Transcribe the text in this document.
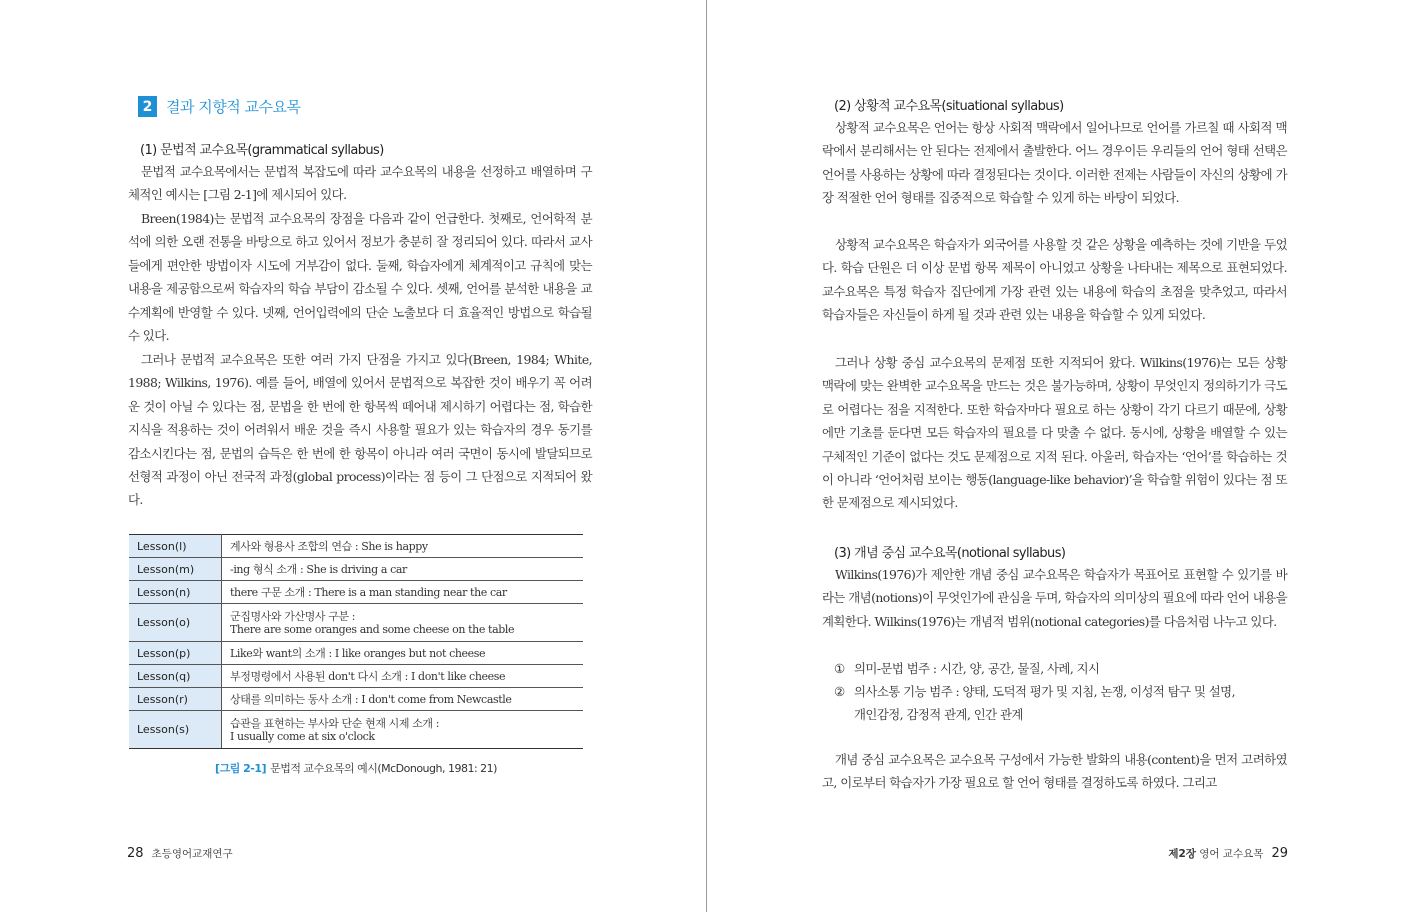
2 결과 지향적 교수요목
(1) 문법적 교수요목(grammatical syllabus)

문법적 교수요목에서는 문법적 복잡도에 따라 교수요목의 내용을 선정하고 배열하며 구체적인 예시는 [그림 2-1]에 제시되어 있다.

Breen(1984)는 문법적 교수요목의 장점을 다음과 같이 언급한다. 첫째로, 언어학적 분석에 의한 오랜 전통을 바탕으로 하고 있어서 정보가 충분히 잘 정리되어 있다. 따라서 교사들에게 편안한 방법이자 시도에 거부감이 없다. 둘째, 학습자에게 체계적이고 규칙에 맞는 내용을 제공함으로써 학습자의 학습 부담이 감소될 수 있다. 셋째, 언어를 분석한 내용을 교수계획에 반영할 수 있다. 넷째, 언어입력에의 단순 노출보다 더 효율적인 방법으로 학습될 수 있다.

그러나 문법적 교수요목은 또한 여러 가지 단점을 가지고 있다(Breen, 1984; White, 1988; Wilkins, 1976). 예를 들어, 배열에 있어서 문법적으로 복잡한 것이 배우기 꼭 어려운 것이 아닐 수 있다는 점, 문법을 한 번에 한 항목씩 떼어내 제시하기 어렵다는 점, 학습한 지식을 적용하는 것이 어려워서 배운 것을 즉시 사용할 필요가 있는 학습자의 경우 동기를 감소시킨다는 점, 문법의 습득은 한 번에 한 항목이 아니라 여러 국면이 동시에 발달되므로 선형적 과정이 아닌 전국적 과정(global process)이라는 점 등이 그 단점으로 지적되어 왔다.

Lesson(l)	계사와 형용사 조합의 연습 : She is happy
Lesson(m)	-ing 형식 소개 : She is driving a car
Lesson(n)	there 구문 소개 : There is a man standing near the car
Lesson(o)	군집명사와 가산명사 구분 :
There are some oranges and some cheese on the table

Lesson(p)	Like와 want의 소개 : I like oranges but not cheese
Lesson(q)	부정명령에서 사용된 don't 다시 소개 : I don't like cheese
Lesson(r)	상태를 의미하는 동사 소개 : I don't come from Newcastle
Lesson(s)	습관을 표현하는 부사와 단순 현재 시제 소개 :
I usually come at six o'clock
[그림 2-1] 문법적 교수요목의 예시(McDonough, 1981: 21)
28 초등영어교재연구
(2) 상황적 교수요목(situational syllabus)

상황적 교수요목은 언어는 항상 사회적 맥락에서 일어나므로 언어를 가르칠 때 사회적 맥락에서 분리해서는 안 된다는 전제에서 출발한다. 어느 경우이든 우리들의 언어 형태 선택은 언어를 사용하는 상황에 따라 결정된다는 것이다. 이러한 전제는 사람들이 자신의 상황에 가장 적절한 언어 형태를 집중적으로 학습할 수 있게 하는 바탕이 되었다.

상황적 교수요목은 학습자가 외국어를 사용할 것 같은 상황을 예측하는 것에 기반을 두었다. 학습 단원은 더 이상 문법 항목 제목이 아니었고 상황을 나타내는 제목으로 표현되었다. 교수요목은 특정 학습자 집단에게 가장 관련 있는 내용에 학습의 초점을 맞추었고, 따라서 학습자들은 자신들이 하게 될 것과 관련 있는 내용을 학습할 수 있게 되었다.

그러나 상황 중심 교수요목의 문제점 또한 지적되어 왔다. Wilkins(1976)는 모든 상황 맥락에 맞는 완벽한 교수요목을 만드는 것은 불가능하며, 상황이 무엇인지 정의하기가 극도로 어렵다는 점을 지적한다. 또한 학습자마다 필요로 하는 상황이 각기 다르기 때문에, 상황에만 기초를 둔다면 모든 학습자의 필요를 다 맞출 수 없다. 동시에, 상황을 배열할 수 있는 구체적인 기준이 없다는 것도 문제점으로 지적 된다. 아울러, 학습자는 ‘언어’를 학습하는 것이 아니라 ‘언어처럼 보이는 행동(language-like behavior)’을 학습할 위험이 있다는 점 또한 문제점으로 제시되었다.

(3) 개념 중심 교수요목(notional syllabus)

Wilkins(1976)가 제안한 개념 중심 교수요목은 학습자가 목표어로 표현할 수 있기를 바라는 개념(notions)이 무엇인가에 관심을 두며, 학습자의 의미상의 필요에 따라 언어 내용을 계획한다. Wilkins(1976)는 개념적 범위(notional categories)를 다음처럼 나누고 있다.

① 의미-문법 범주 : 시간, 양, 공간, 물질, 사례, 지시
② 의사소통 기능 범주 : 양태, 도덕적 평가 및 지침, 논쟁, 이성적 탐구 및 설명,
개인감정, 감정적 관계, 인간 관계

개념 중심 교수요목은 교수요목 구성에서 가능한 발화의 내용(content)을 먼저 고려하였고, 이로부터 학습자가 가장 필요로 할 언어 형태를 결정하도록 하였다. 그리고

제2장 영어 교수요목 29
